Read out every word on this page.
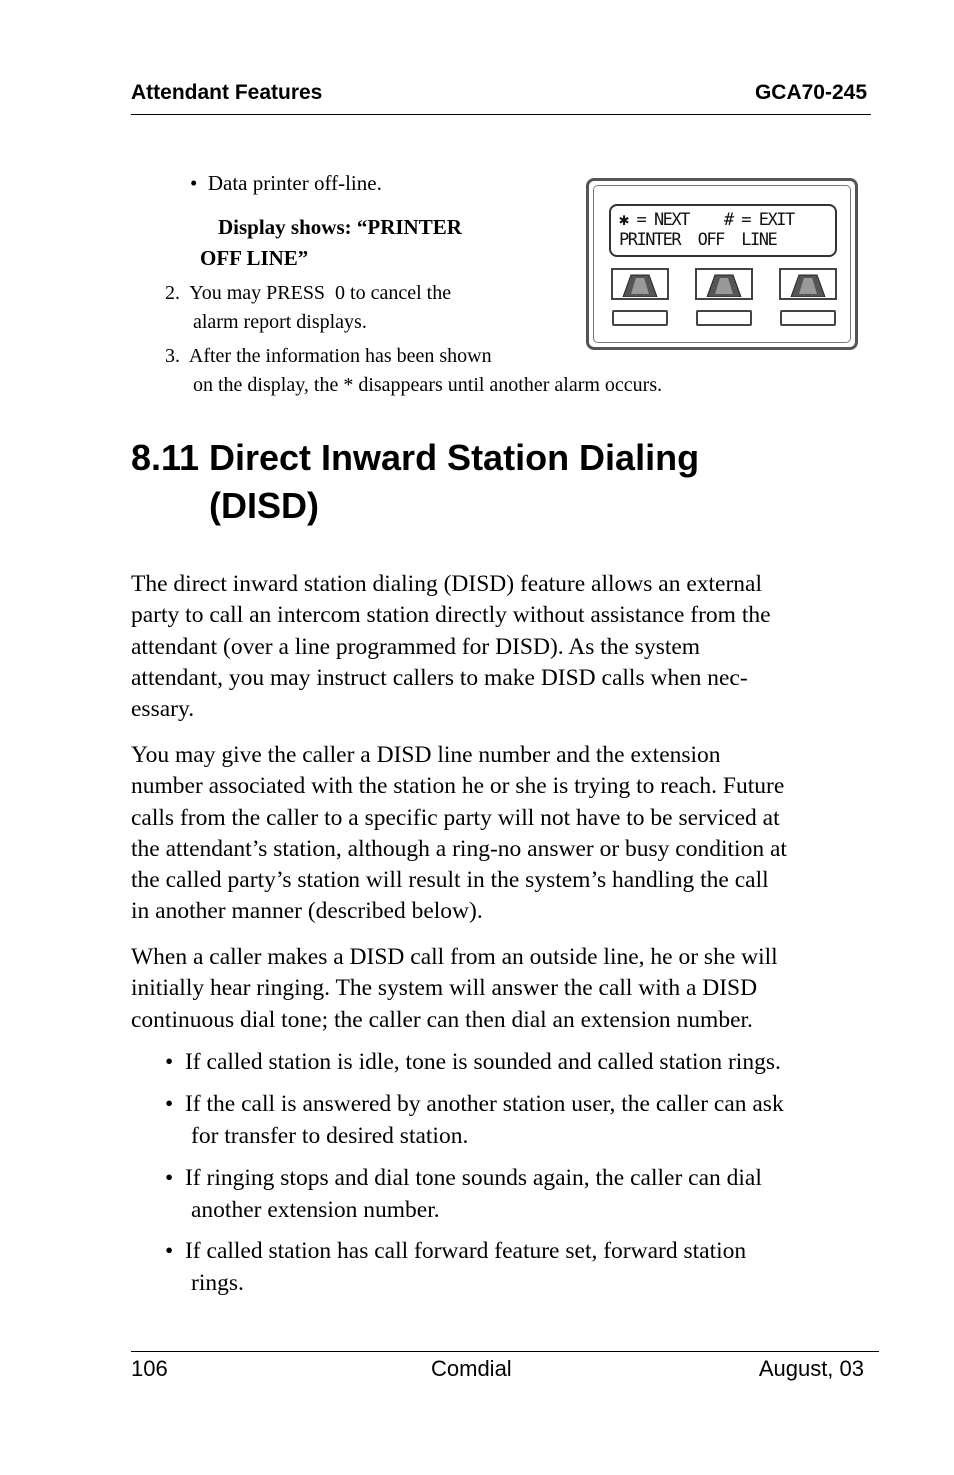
Attendant Features	GCA70-245
•  Data printer off-line.
Display shows: “PRINTER
OFF LINE”
2.  You may PRESS  0 to cancel the
alarm report displays.
3.  After the information has been shown
on the display, the * disappears until another alarm occurs.
✱ = NEXT    # = EXIT
PRINTER  OFF  LINE
8.11 Direct Inward Station Dialing
(DISD)
The direct inward station dialing (DISD) feature allows an external
party to call an intercom station directly without assistance from the
attendant (over a line programmed for DISD). As the system
attendant, you may instruct callers to make DISD calls when nec-
essary.
You may give the caller a DISD line number and the extension
number associated with the station he or she is trying to reach. Future
calls from the caller to a specific party will not have to be serviced at
the attendant’s station, although a ring-no answer or busy condition at
the called party’s station will result in the system’s handling the call
in another manner (described below).
When a caller makes a DISD call from an outside line, he or she will
initially hear ringing. The system will answer the call with a DISD
continuous dial tone; the caller can then dial an extension number.
•  If called station is idle, tone is sounded and called station rings.
•  If the call is answered by another station user, the caller can ask
for transfer to desired station.
•  If ringing stops and dial tone sounds again, the caller can dial
another extension number.
•  If called station has call forward feature set, forward station
rings.
106	Comdial	August, 03
